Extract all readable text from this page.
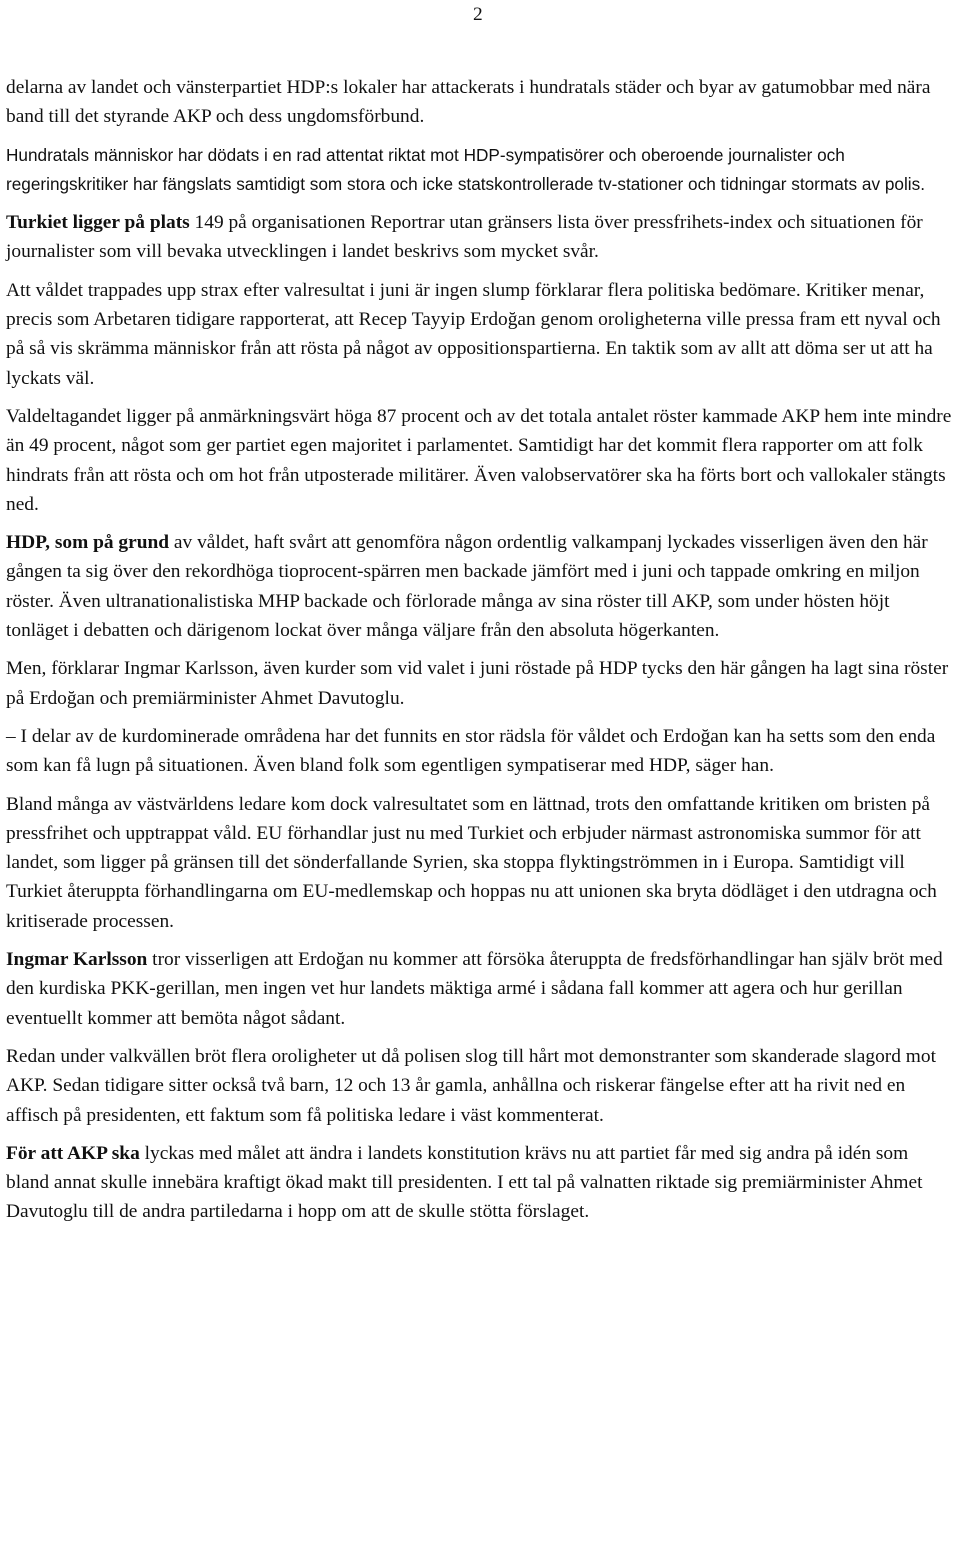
2

delarna av landet och vänsterpartiet HDP:s lokaler har attackerats i hundratals städer och byar av gatumobbar med nära band till det styrande AKP och dess ungdomsförbund.

Hundratals människor har dödats i en rad attentat riktat mot HDP-sympatisörer och oberoende journalister och regeringskritiker har fängslats samtidigt som stora och icke statskontrollerade tv-stationer och tidningar stormats av polis.

Turkiet ligger på plats 149 på organisationen Reportrar utan gränsers lista över pressfrihets-index och situationen för journalister som vill bevaka utvecklingen i landet beskrivs som mycket svår.

Att våldet trappades upp strax efter valresultat i juni är ingen slump förklarar flera politiska bedömare. Kritiker menar, precis som Arbetaren tidigare rapporterat, att Recep Tayyip Erdoğan genom oroligheterna ville pressa fram ett nyval och på så vis skrämma människor från att rösta på något av oppositionspartierna. En taktik som av allt att döma ser ut att ha lyckats väl.

Valdeltagandet ligger på anmärkningsvärt höga 87 procent och av det totala antalet röster kammade AKP hem inte mindre än 49 procent, något som ger partiet egen majoritet i parlamentet. Samtidigt har det kommit flera rapporter om att folk hindrats från att rösta och om hot från utposterade militärer. Även valobservatörer ska ha förts bort och vallokaler stängts ned.

HDP, som på grund av våldet, haft svårt att genomföra någon ordentlig valkampanj lyckades visserligen även den här gången ta sig över den rekordhöga tioprocent-spärren men backade jämfört med i juni och tappade omkring en miljon röster. Även ultranationalistiska MHP backade och förlorade många av sina röster till AKP, som under hösten höjt tonläget i debatten och därigenom lockat över många väljare från den absoluta högerkanten.

Men, förklarar Ingmar Karlsson, även kurder som vid valet i juni röstade på HDP tycks den här gången ha lagt sina röster på Erdoğan och premiärminister Ahmet Davutoglu.

– I delar av de kurdominerade områdena har det funnits en stor rädsla för våldet och Erdoğan kan ha setts som den enda som kan få lugn på situationen. Även bland folk som egentligen sympatiserar med HDP, säger han.

Bland många av västvärldens ledare kom dock valresultatet som en lättnad, trots den omfattande kritiken om bristen på pressfrihet och upptrappat våld. EU förhandlar just nu med Turkiet och erbjuder närmast astronomiska summor för att landet, som ligger på gränsen till det sönderfallande Syrien, ska stoppa flyktingströmmen in i Europa. Samtidigt vill Turkiet återuppta förhandlingarna om EU-medlemskap och hoppas nu att unionen ska bryta dödläget i den utdragna och kritiserade processen.

Ingmar Karlsson tror visserligen att Erdoğan nu kommer att försöka återuppta de fredsförhandlingar han själv bröt med den kurdiska PKK-gerillan, men ingen vet hur landets mäktiga armé i sådana fall kommer att agera och hur gerillan eventuellt kommer att bemöta något sådant.

Redan under valkvällen bröt flera oroligheter ut då polisen slog till hårt mot demonstranter som skanderade slagord mot AKP. Sedan tidigare sitter också två barn, 12 och 13 år gamla, anhållna och riskerar fängelse efter att ha rivit ned en affisch på presidenten, ett faktum som få politiska ledare i väst kommenterat.

För att AKP ska lyckas med målet att ändra i landets konstitution krävs nu att partiet får med sig andra på idén som bland annat skulle innebära kraftigt ökad makt till presidenten. I ett tal på valnatten riktade sig premiärminister Ahmet Davutoglu till de andra partiledarna i hopp om att de skulle stötta förslaget.
